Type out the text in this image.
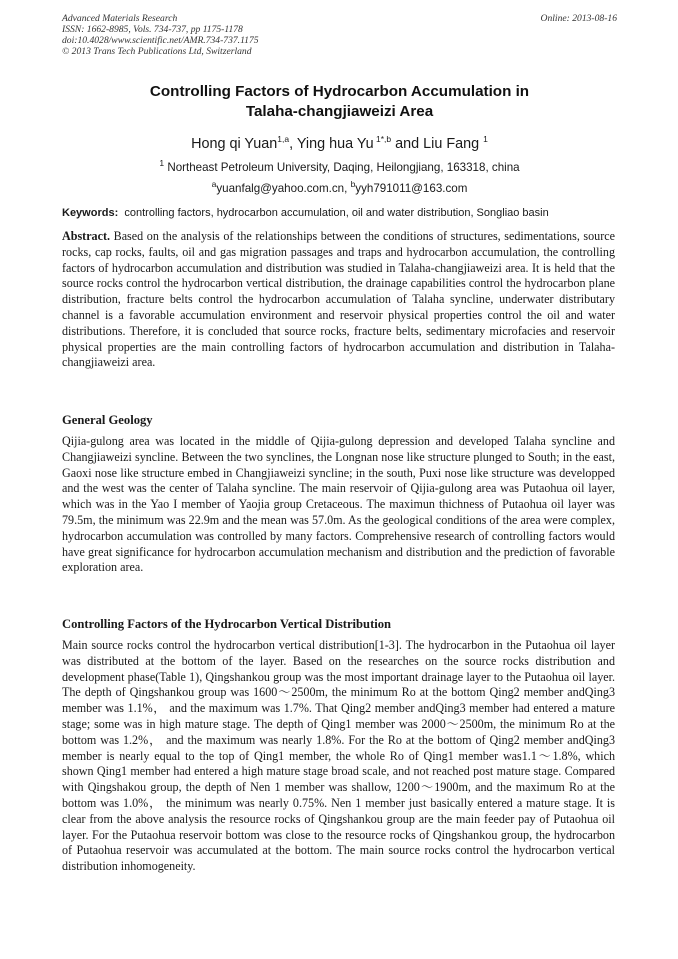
Advanced Materials Research
ISSN: 1662-8985, Vols. 734-737, pp 1175-1178
doi:10.4028/www.scientific.net/AMR.734-737.1175
© 2013 Trans Tech Publications Ltd, Switzerland
Online: 2013-08-16
Controlling Factors of Hydrocarbon Accumulation in
Talaha-changjiaweizi Area
Hong qi Yuan$^{1,a}$, Ying hua Yu $^{1*,b}$ and Liu Fang $^1$
$^1$ Northeast Petroleum University, Daqing, Heilongjiang, 163318, china
$^a$yuanfalg@yahoo.com.cn, $^b$yyh791011@163.com
Keywords: controlling factors, hydrocarbon accumulation, oil and water distribution, Songliao basin
Abstract. Based on the analysis of the relationships between the conditions of structures, sedimentations, source rocks, cap rocks, faults, oil and gas migration passages and traps and hydrocarbon accumulation, the controlling factors of hydrocarbon accumulation and distribution was studied in Talaha-changjiaweizi area. It is held that the source rocks control the hydrocarbon vertical distribution, the drainage capabilities control the hydrocarbon plane distribution, fracture belts control the hydrocarbon accumulation of Talaha syncline, underwater distributary channel is a favorable accumulation environment and reservoir physical properties control the oil and water distributions. Therefore, it is concluded that source rocks, fracture belts, sedimentary microfacies and reservoir physical properties are the main controlling factors of hydrocarbon accumulation and distribution in Talaha-changjiaweizi area.
General Geology
Qijia-gulong area was located in the middle of Qijia-gulong depression and developed Talaha syncline and Changjiaweizi syncline. Between the two synclines, the Longnan nose like structure plunged to South; in the east, Gaoxi nose like structure embed in Changjiaweizi syncline; in the south, Puxi nose like structure was developped and the west was the center of Talaha syncline. The main reservoir of Qijia-gulong area was Putaohua oil layer, which was in the Yao I member of Yaojia group Cretaceous. The maximun thichness of Putaohua oil layer was 79.5m, the minimum was 22.9m and the mean was 57.0m. As the geological conditions of the area were complex, hydrocarbon accumulation was controlled by many factors. Comprehensive research of controlling factors would have great significance for hydrocarbon accumulation mechanism and distribution and the prediction of favorable exploration area.
Controlling Factors of the Hydrocarbon Vertical Distribution
Main source rocks control the hydrocarbon vertical distribution[1-3]. The hydrocarbon in the Putaohua oil layer was distributed at the bottom of the layer. Based on the researches on the source rocks distribution and development phase(Table 1), Qingshankou group was the most important drainage layer to the Putaohua oil layer. The depth of Qingshankou group was 1600～2500m, the minimum Ro at the bottom Qing2 member andQing3 member was 1.1%， and the maximum was 1.7%. That Qing2 member andQing3 member had entered a mature stage; some was in high mature stage. The depth of Qing1 member was 2000～2500m, the minimum Ro at the bottom was 1.2%， and the maximum was nearly 1.8%. For the Ro at the bottom of Qing2 member andQing3 member is nearly equal to the top of Qing1 member, the whole Ro of Qing1 member was1.1～1.8%, which shown Qing1 member had entered a high mature stage broad scale, and not reached post mature stage. Compared with Qingshakou group, the depth of Nen 1 member was shallow, 1200～1900m, and the maximum Ro at the bottom was 1.0%， the minimum was nearly 0.75%. Nen 1 member just basically entered a mature stage. It is clear from the above analysis the resource rocks of Qingshankou group are the main feeder pay of Putaohua oil layer. For the Putaohua reservoir bottom was close to the resource rocks of Qingshankou group, the hydrocarbon of Putaohua reservoir was accumulated at the bottom. The main source rocks control the hydrocarbon vertical distribution inhomogeneity.
